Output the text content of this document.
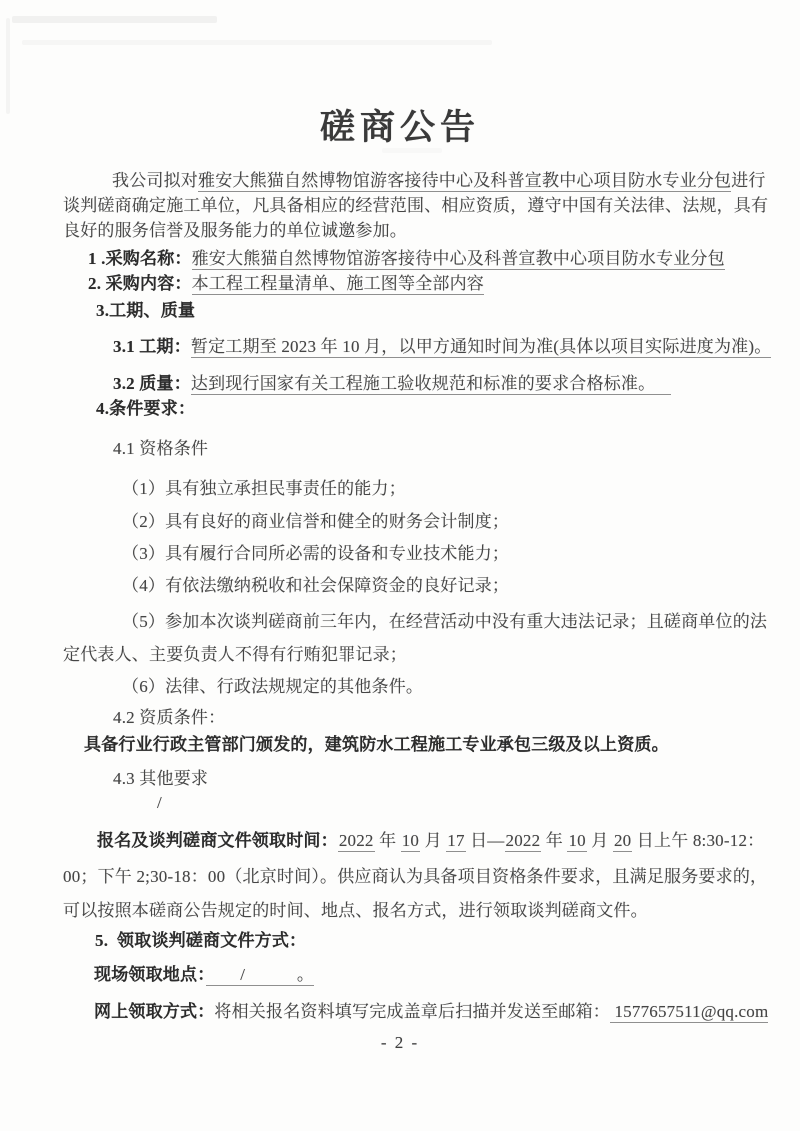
磋商公告
我公司拟对雅安大熊猫自然博物馆游客接待中心及科普宣教中心项目防水专业分包进行
谈判磋商确定施工单位，凡具备相应的经营范围、相应资质，遵守中国有关法律、法规，具有
良好的服务信誉及服务能力的单位诚邀参加。
1 .采购名称：雅安大熊猫自然博物馆游客接待中心及科普宣教中心项目防水专业分包
2. 采购内容：本工程工程量清单、施工图等全部内容
3.工期、质量
3.1 工期：暂定工期至 2023 年 10 月，以甲方通知时间为准(具体以项目实际进度为准)。
3.2 质量：达到现行国家有关工程施工验收规范和标准的要求合格标准。
4.条件要求：
4.1 资格条件
（1）具有独立承担民事责任的能力；
（2）具有良好的商业信誉和健全的财务会计制度；
（3）具有履行合同所必需的设备和专业技术能力；
（4）有依法缴纳税收和社会保障资金的良好记录；
（5）参加本次谈判磋商前三年内，在经营活动中没有重大违法记录；且磋商单位的法
定代表人、主要负责人不得有行贿犯罪记录；
（6）法律、行政法规规定的其他条件。
4.2 资质条件：
具备行业行政主管部门颁发的，建筑防水工程施工专业承包三级及以上资质。
4.3 其他要求
/
报名及谈判磋商文件领取时间：2022 年 10 月 17 日—2022 年 10 月 20 日上午 8:30-12：
00；下午 2;30-18：00（北京时间）。供应商认为具备项目资格条件要求，且满足服务要求的，
可以按照本磋商公告规定的时间、地点、报名方式，进行领取谈判磋商文件。
5.  领取谈判磋商文件方式：
现场领取地点：　　/　　　。
网上领取方式：将相关报名资料填写完成盖章后扫描并发送至邮箱： 1577657511@qq.com
- 2 -
